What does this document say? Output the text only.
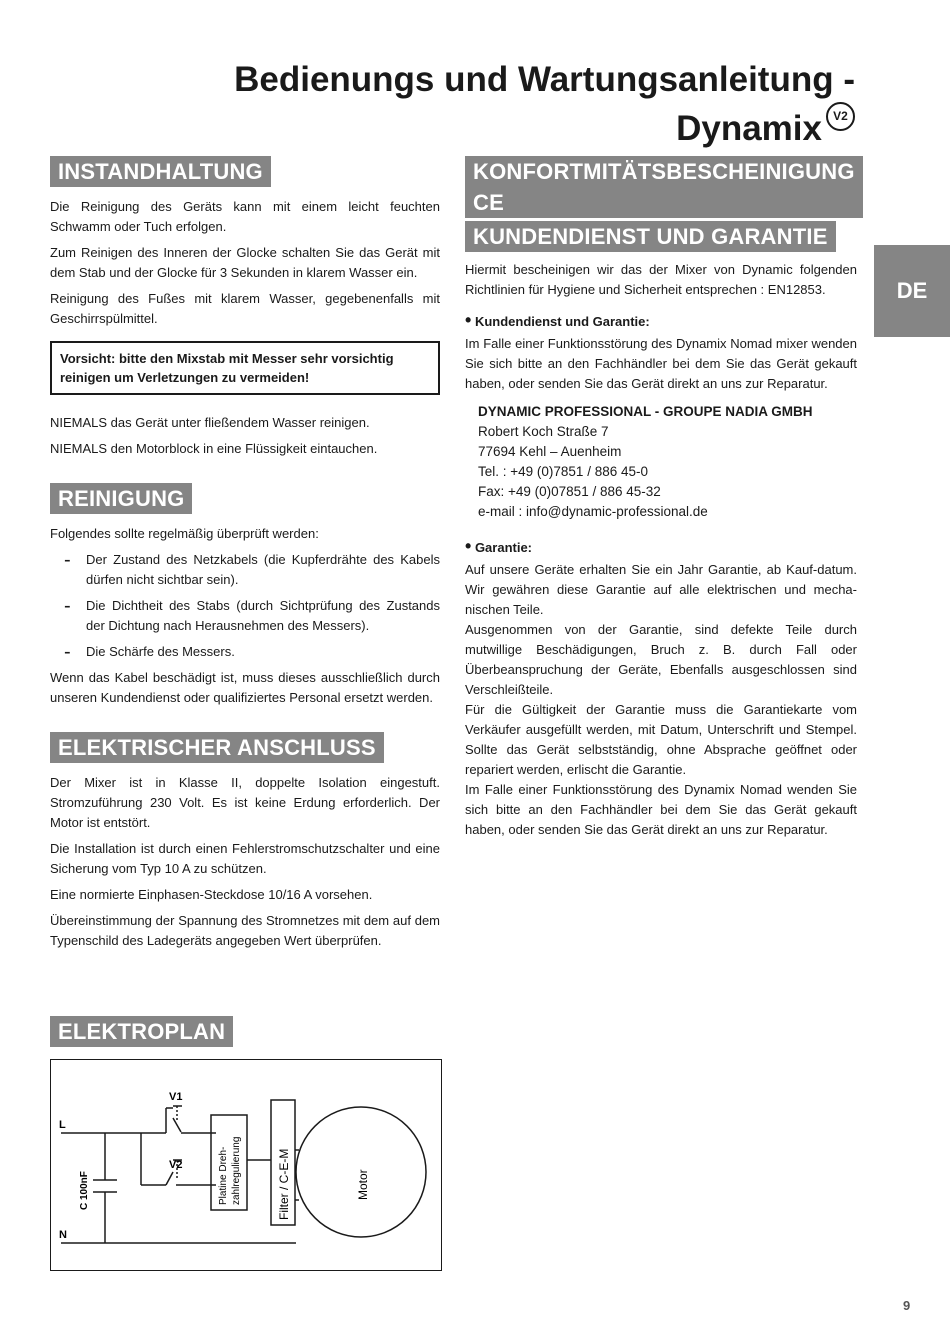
Bedienungs und Wartungsanleitung -
Dynamix V2
DE
INSTANDHALTUNG

Die Reinigung des Geräts kann mit einem leicht feuchten Schwamm oder Tuch erfolgen.

Zum Reinigen des Inneren der Glocke schalten Sie das Gerät mit dem Stab und der Glocke für 3 Sekunden in klarem Wasser ein.

Reinigung des Fußes mit klarem Wasser, gegebenenfalls mit Geschirrspülmittel.

Vorsicht: bitte den Mixstab mit Messer sehr vorsichtig reinigen um Verletzungen zu vermeiden!

NIEMALS das Gerät unter fließendem Wasser reinigen.

NIEMALS den Motorblock in eine Flüssigkeit eintauchen.

REINIGUNG

Folgendes sollte regelmäßig überprüft werden:

- Der Zustand des Netzkabels (die Kupferdrähte des Kabels dürfen nicht sichtbar sein).
- Die Dichtheit des Stabs (durch Sichtprüfung des Zustands der Dichtung nach Herausnehmen des Messers).
- Die Schärfe des Messers.

Wenn das Kabel beschädigt ist, muss dieses ausschließlich durch unseren Kundendienst oder qualifiziertes Personal ersetzt werden.

ELEKTRISCHER ANSCHLUSS

Der Mixer ist in Klasse II, doppelte Isolation eingestuft. Stromzuführung 230 Volt. Es ist keine Erdung erforderlich. Der Motor ist entstört.

Die Installation ist durch einen Fehlerstromschutzschalter und eine Sicherung vom Typ 10 A zu schützen.

Eine normierte Einphasen-Steckdose 10/16 A vorsehen.

Übereinstimmung der Spannung des Stromnetzes mit dem auf dem Typenschild des Ladegeräts angegeben Wert überprüfen.

ELEKTROPLAN
V1
V2
L
N
C 100nF	Platine Dreh- zahlregulierung	Filter / C-E-M	Motor
KONFORTMITÄTSBESCHEINIGUNG CE
KUNDENDIENST UND GARANTIE

Hiermit bescheinigen wir das der Mixer von Dynamic folgenden Richtlinien für Hygiene und Sicherheit entsprechen : EN12853.

• Kundendienst und Garantie:

Im Falle einer Funktionsstörung des Dynamix Nomad mixer wenden Sie sich bitte an den Fachhändler bei dem Sie das Gerät gekauft haben, oder senden Sie das Gerät direkt an uns zur Reparatur.

DYNAMIC PROFESSIONAL - GROUPE NADIA GMBH
Robert Koch Straße 7
77694 Kehl – Auenheim
Tel. : +49 (0)7851 / 886 45-0
Fax: +49 (0)07851 / 886 45-32
e-mail : info@dynamic-professional.de
• Garantie:

Auf unsere Geräte erhalten Sie ein Jahr Garantie, ab Kauf-datum. Wir gewähren diese Garantie auf alle elektrischen und mecha-nischen Teile.

Ausgenommen von der Garantie, sind defekte Teile durch mutwillige Beschädigungen, Bruch z. B. durch Fall oder Überbeanspruchung der Geräte, Ebenfalls ausgeschlossen sind Verschleißteile.

Für die Gültigkeit der Garantie muss die Garantiekarte vom Verkäufer ausgefüllt werden, mit Datum, Unterschrift und Stempel. Sollte das Gerät selbstständig, ohne Absprache geöffnet oder repariert werden, erlischt die Garantie.

Im Falle einer Funktionsstörung des Dynamix Nomad wenden Sie sich bitte an den Fachhändler bei dem Sie das Gerät gekauft haben, oder senden Sie das Gerät direkt an uns zur Reparatur.

9
